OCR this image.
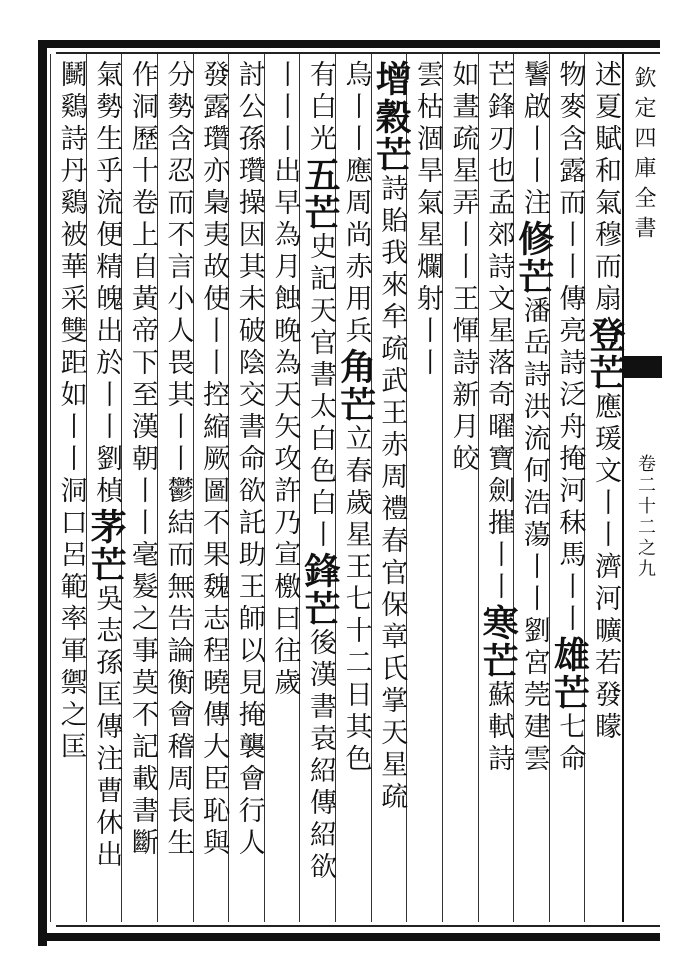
欽定四庫全書
卷二十二之九
述夏賦和氣穆而扇登芒應瑗文丨丨濟河曠若發矇
物麥含露而丨丨傳亮詩泛舟掩河秣馬丨丨雄芒七命
鬐啟丨丨注修芒潘岳詩洪流何浩蕩丨丨劉宮莞建雲
芒鋒刃也孟郊詩文星落奇曜寶劍摧丨丨寒芒蘇軾詩
如晝疏星弄丨丨王惲詩新月皎
雲枯涸旱氣星爛射丨丨
增穀芒詩貽我來牟疏武王赤周禮春官保章氏掌天星疏
烏丨丨應周尚赤用兵角芒立春歲星王七十二日其色
有白光五芒史記天官書太白色白丨鋒芒後漢書袁紹傳紹欲
丨丨丨出早為月蝕晚為天矢攻許乃宣檄曰往歲
討公孫瓚操因其未破陰交書命欲託助王師以見掩襲會行人
發露瓚亦梟夷故使丨丨控縮厥圖不果魏志程曉傳大臣恥與
分勢含忍而不言小人畏其丨丨鬱結而無告論衡會稽周長生
作洞歷十卷上自黃帝下至漢朝丨丨毫髮之事莫不記載書斷
氣勢生乎流便精魄出於丨丨劉楨茅芒吳志孫匡傳注曹休出
鬭鷄詩丹鷄被華采雙距如丨丨洞口呂範率軍禦之匡
